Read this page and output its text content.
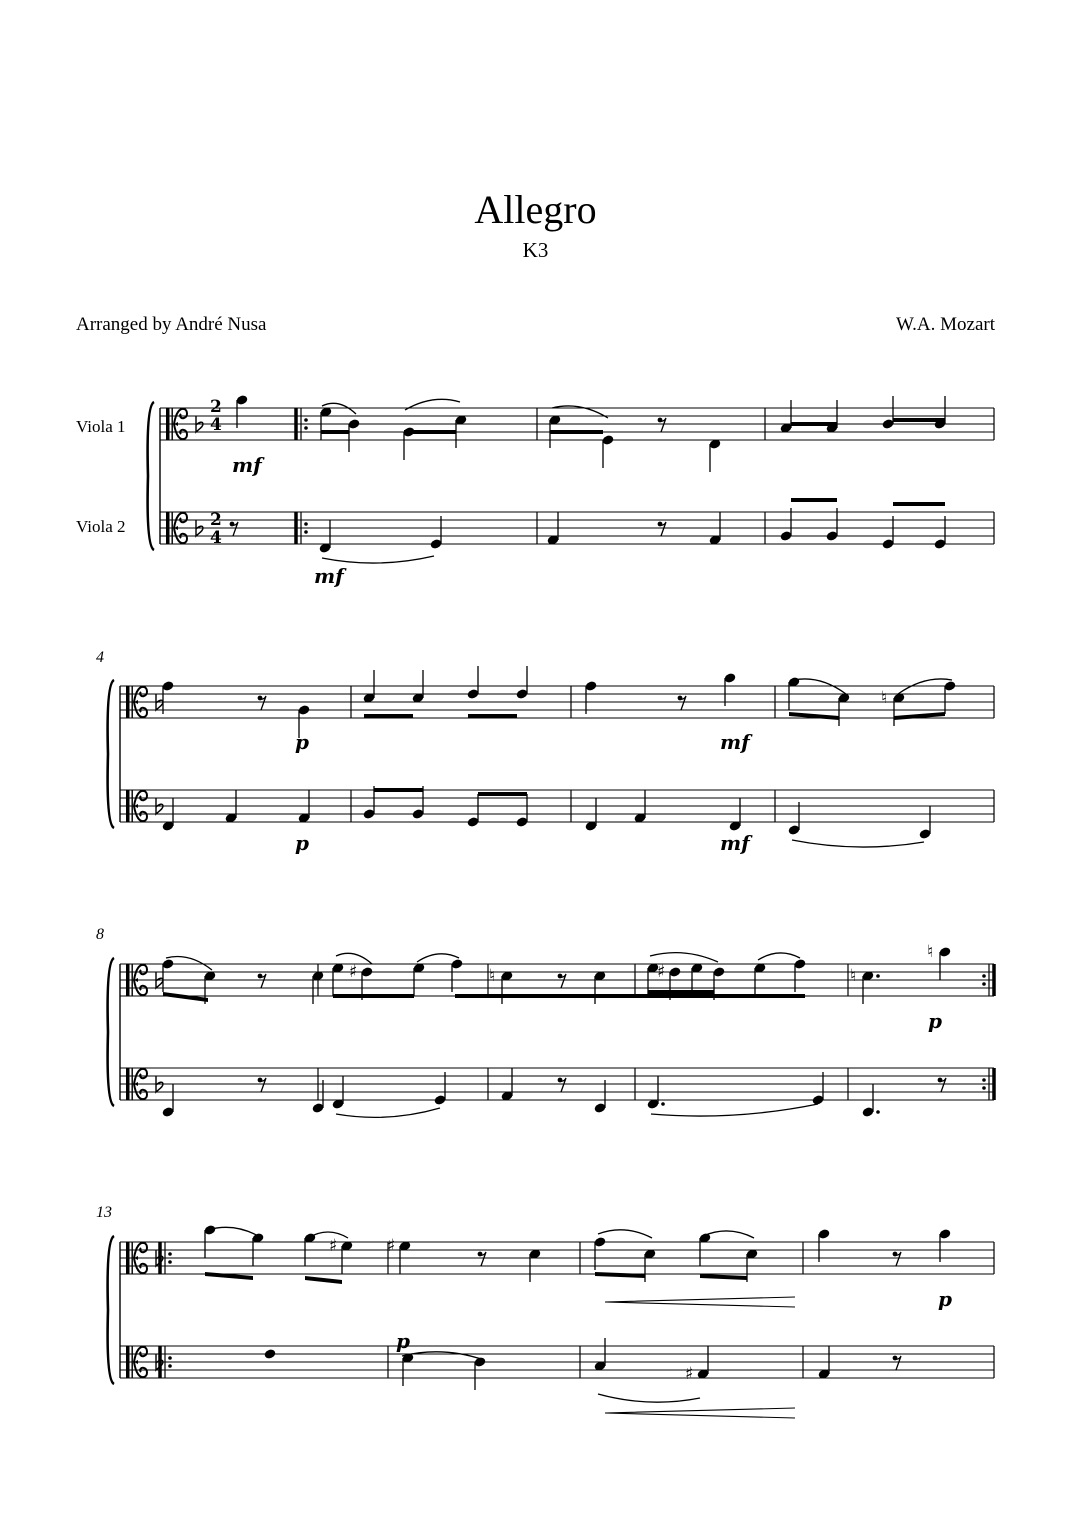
Allegro
K3
Arranged by André Nusa	W.A. Mozart
♮
♯	♮	♯	♮
♮
♯	♯
♯
Viola 1
Viola 2
2
4
2
4
4
8
13
mf
mf
p	mf
p	mf
p
p
p
